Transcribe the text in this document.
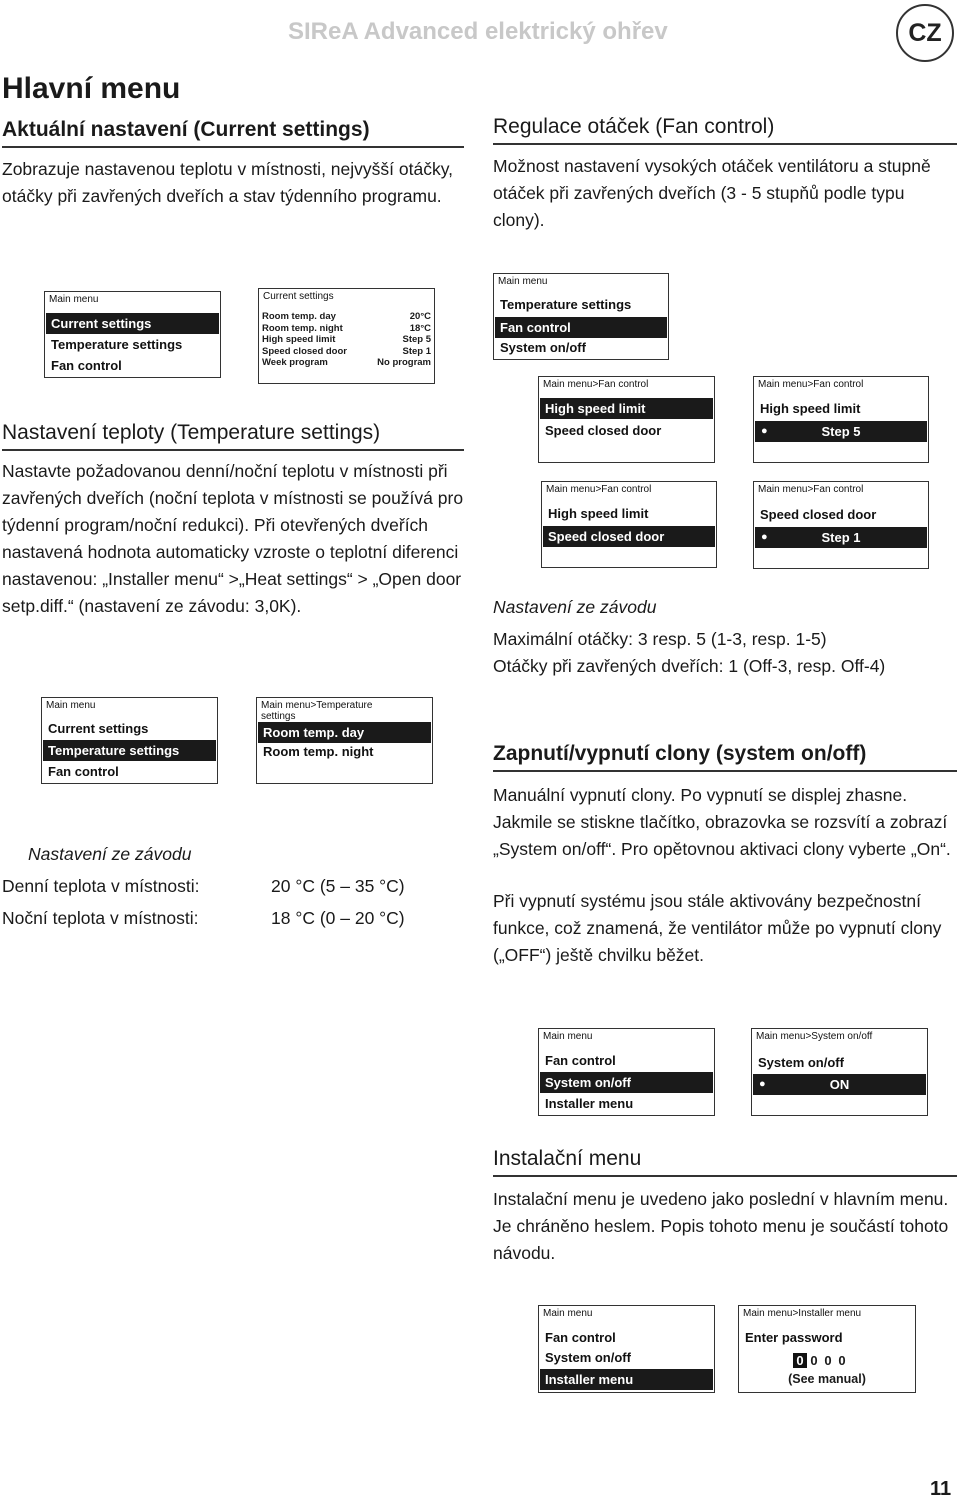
SIReA Advanced elektrický ohřev	CZ
Hlavní menu
Aktuální nastavení (Current settings)
Zobrazuje nastavenou teplotu v místnosti, nejvyšší otáčky, otáčky při zavřených dveřích a stav týdenního programu.
Regulace otáček (Fan control)
Možnost nastavení vysokých otáček ventilátoru a stupně otáček při zavřených dveřích (3 - 5 stupňů podle typu clony).
Main menu
Current settings
Temperature settings
Fan control
Current settings
Room temp. day	20°C
Room temp. night	18°C
High speed limit	Step 5
Speed closed door	Step 1
Week program	No program
Main menu
Temperature settings
Fan control
System on/off
Nastavení teploty (Temperature settings)
Nastavte požadovanou denní/noční teplotu v místnosti při zavřených dveřích (noční teplota v místnosti se používá pro týdenní program/noční redukci). Při otevřených dveřích nastavená hodnota automaticky vzroste o teplotní diferenci nastavenou: „Installer menu“ >„Heat settings“ > „Open door setp.diff.“ (nastavení ze závodu: 3,0K).
Main menu>Fan control
High speed limit
Speed closed door
Main menu>Fan control
High speed limit
●	Step 5
Main menu>Fan control
High speed limit
Speed closed door
Main menu>Fan control
Speed closed door
●	Step 1
Nastavení ze závodu
Maximální otáčky: 3 resp. 5 (1-3, resp. 1-5)
Otáčky při zavřených dveřích: 1 (Off-3, resp. Off-4)
Main menu
Current settings
Temperature settings
Fan control
Main menu>Temperature settings
Room temp. day
Room temp. night	Zapnutí/vypnutí clony (system on/off)
Manuální vypnutí clony. Po vypnutí se displej zhasne. Jakmile se stiskne tlačítko, obrazovka se rozsvítí a zobrazí „System on/off“. Pro opětovnou aktivaci clony vyberte „On“.
Při vypnutí systému jsou stále aktivovány bezpečnostní funkce, což znamená, že ventilátor může po vypnutí clony („OFF“) ještě chvilku běžet.
Nastavení ze závodu
Denní teplota v místnosti:	20 °C (5 – 35 °C)
Noční teplota v místnosti:	18 °C (0 – 20 °C)
Main menu
Fan control
System on/off
Installer menu
Main menu>System on/off
System on/off
●	ON
Instalační menu
Instalační menu je uvedeno jako poslední v hlavním menu. Je chráněno heslem. Popis tohoto menu je součástí tohoto návodu.
Main menu
Fan control
System on/off
Installer menu
Main menu>Installer menu
Enter password
0 0 0 0
(See manual)
11
